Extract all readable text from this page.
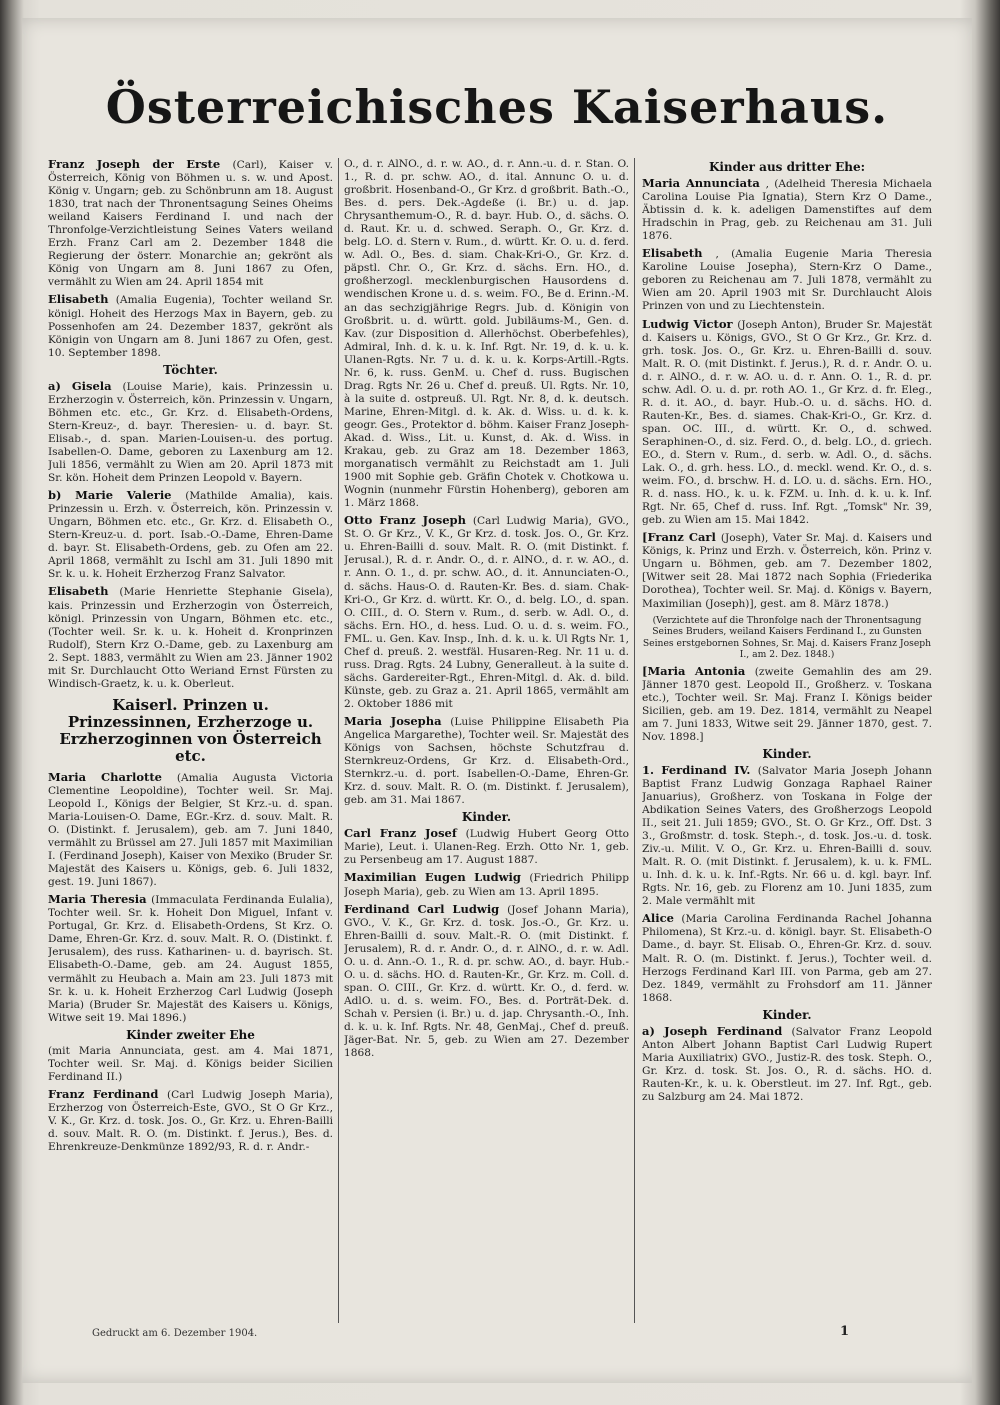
Österreichisches Kaiserhaus.

Franz Joseph der Erste (Carl), Kaiser v. Österreich, König von Böhmen u. s. w. und Apost. König v. Ungarn; geb. zu Schönbrunn am 18. August 1830, trat nach der Thronentsagung Seines Oheims weiland Kaisers Ferdinand I. und nach der Thronfolge-Verzichtleistung Seines Vaters weiland Erzh. Franz Carl am 2. Dezember 1848 die Regierung der österr. Monarchie an; gekrönt als König von Ungarn am 8. Juni 1867 zu Ofen, vermählt zu Wien am 24. April 1854 mit

Elisabeth (Amalia Eugenia), Tochter weiland Sr. königl. Hoheit des Herzogs Max in Bayern, geb. zu Possenhofen am 24. Dezember 1837, gekrönt als Königin von Ungarn am 8. Juni 1867 zu Ofen, gest. 10. September 1898.

Töchter.

a) Gisela (Louise Marie), kais. Prinzessin u. Erzherzogin v. Österreich, kön. Prinzessin v. Ungarn, Böhmen etc. etc., Gr. Krz. d. Elisabeth-Ordens, Stern-Kreuz-, d. bayr. Theresien- u. d. bayr. St. Elisab.-, d. span. Marien-Louisen-u. des portug. Isabellen-O. Dame, geboren zu Laxenburg am 12. Juli 1856, vermählt zu Wien am 20. April 1873 mit Sr. kön. Hoheit dem Prinzen Leopold v. Bayern.

b) Marie Valerie (Mathilde Amalia), kais. Prinzessin u. Erzh. v. Österreich, kön. Prinzessin v. Ungarn, Böhmen etc. etc., Gr. Krz. d. Elisabeth O., Stern-Kreuz-u. d. port. Isab.-O.-Dame, Ehren-Dame d. bayr. St. Elisabeth-Ordens, geb. zu Ofen am 22. April 1868, vermählt zu Ischl am 31. Juli 1890 mit Sr. k. u. k. Hoheit Erzherzog Franz Salvator.

Elisabeth (Marie Henriette Stephanie Gisela), kais. Prinzessin und Erzherzogin von Österreich, königl. Prinzessin von Ungarn, Böhmen etc. etc., (Tochter weil. Sr. k. u. k. Hoheit d. Kronprinzen Rudolf), Stern Krz O.-Dame, geb. zu Laxenburg am 2. Sept. 1883, vermählt zu Wien am 23. Jänner 1902 mit Sr. Durchlaucht Otto Weriand Ernst Fürsten zu Windisch-Graetz, k. u. k. Oberleut.

Kaiserl. Prinzen u. Prinzessinnen, Erzherzoge u. Erzherzoginnen von Österreich etc.

Maria Charlotte (Amalia Augusta Victoria Clementine Leopoldine), Tochter weil. Sr. Maj. Leopold I., Königs der Belgier, St Krz.-u. d. span. Maria-Louisen-O. Dame, EGr.-Krz. d. souv. Malt. R. O. (Distinkt. f. Jerusalem), geb. am 7. Juni 1840, vermählt zu Brüssel am 27. Juli 1857 mit Maximilian I. (Ferdinand Joseph), Kaiser von Mexiko (Bruder Sr. Majestät des Kaisers u. Königs, geb. 6. Juli 1832, gest. 19. Juni 1867).

Maria Theresia (Immaculata Ferdinanda Eulalia), Tochter weil. Sr. k. Hoheit Don Miguel, Infant v. Portugal, Gr. Krz. d. Elisabeth-Ordens, St Krz. O. Dame, Ehren-Gr. Krz. d. souv. Malt. R. O. (Distinkt. f. Jerusalem), des russ. Katharinen- u. d. bayrisch. St. Elisabeth-O.-Dame, geb. am 24. August 1855, vermählt zu Heubach a. Main am 23. Juli 1873 mit Sr. k. u. k. Hoheit Erzherzog Carl Ludwig (Joseph Maria) (Bruder Sr. Majestät des Kaisers u. Königs, Witwe seit 19. Mai 1896.)

Kinder zweiter Ehe

(mit Maria Annunciata, gest. am 4. Mai 1871, Tochter weil. Sr. Maj. d. Königs beider Sicilien Ferdinand II.)

Franz Ferdinand (Carl Ludwig Joseph Maria), Erzherzog von Österreich-Este, GVO., St O Gr Krz., V. K., Gr. Krz. d. tosk. Jos. O., Gr. Krz. u. Ehren-Bailli d. souv. Malt. R. O. (m. Distinkt. f. Jerus.), Bes. d. Ehrenkreuze-Denkmünze 1892/93, R. d. r. Andr.-

O., d. r. AlNO., d. r. w. AO., d. r. Ann.-u. d. r. Stan. O. 1., R. d. pr. schw. AO., d. ital. Annunc O. u. d. großbrit. Hosenband-O., Gr Krz. d großbrit. Bath.-O., Bes. d. pers. Dek.-Agdeße (i. Br.) u. d. jap. Chrysanthemum-O., R. d. bayr. Hub. O., d. sächs. O. d. Raut. Kr. u. d. schwed. Seraph. O., Gr. Krz. d. belg. LO. d. Stern v. Rum., d. württ. Kr. O. u. d. ferd. w. Adl. O., Bes. d. siam. Chak-Kri-O., Gr. Krz. d. päpstl. Chr. O., Gr. Krz. d. sächs. Ern. HO., d. großherzogl. mecklenburgischen Hausordens d. wendischen Krone u. d. s. weim. FO., Be d. Erinn.-M. an das sechzigjährige Regrs. Jub. d. Königin von Großbrit. u. d. württ. gold. Jubiläums-M., Gen. d. Kav. (zur Disposition d. Allerhöchst. Oberbefehles), Admiral, Inh. d. k. u. k. Inf. Rgt. Nr. 19, d. k. u. k. Ulanen-Rgts. Nr. 7 u. d. k. u. k. Korps-Artill.-Rgts. Nr. 6, k. russ. GenM. u. Chef d. russ. Bugischen Drag. Rgts Nr. 26 u. Chef d. preuß. Ul. Rgts. Nr. 10, à la suite d. ostpreuß. Ul. Rgt. Nr. 8, d. k. deutsch. Marine, Ehren-Mitgl. d. k. Ak. d. Wiss. u. d. k. k. geogr. Ges., Protektor d. böhm. Kaiser Franz Joseph-Akad. d. Wiss., Lit. u. Kunst, d. Ak. d. Wiss. in Krakau, geb. zu Graz am 18. Dezember 1863, morganatisch vermählt zu Reichstadt am 1. Juli 1900 mit Sophie geb. Gräfin Chotek v. Chotkowa u. Wognin (nunmehr Fürstin Hohenberg), geboren am 1. März 1868.

Otto Franz Joseph (Carl Ludwig Maria), GVO., St. O. Gr Krz., V. K., Gr Krz. d. tosk. Jos. O., Gr. Krz. u. Ehren-Bailli d. souv. Malt. R. O. (mit Distinkt. f. Jerusal.), R. d. r. Andr. O., d. r. AlNO., d. r. w. AO., d. r. Ann. O. 1., d. pr. schw. AO., d. it. Annunciaten-O., d. sächs. Haus-O. d. Rauten-Kr. Bes. d. siam. Chak-Kri-O., Gr Krz. d. württ. Kr. O., d. belg. LO., d. span. O. CIII., d. O. Stern v. Rum., d. serb. w. Adl. O., d. sächs. Ern. HO., d. hess. Lud. O. u. d. s. weim. FO., FML. u. Gen. Kav. Insp., Inh. d. k. u. k. Ul Rgts Nr. 1, Chef d. preuß. 2. westfäl. Husaren-Reg. Nr. 11 u. d. russ. Drag. Rgts. 24 Lubny, Generalleut. à la suite d. sächs. Gardereiter-Rgt., Ehren-Mitgl. d. Ak. d. bild. Künste, geb. zu Graz a. 21. April 1865, vermählt am 2. Oktober 1886 mit

Maria Josepha (Luise Philippine Elisabeth Pia Angelica Margarethe), Tochter weil. Sr. Majestät des Königs von Sachsen, höchste Schutzfrau d. Sternkreuz-Ordens, Gr Krz. d. Elisabeth-Ord., Sternkrz.-u. d. port. Isabellen-O.-Dame, Ehren-Gr. Krz. d. souv. Malt. R. O. (m. Distinkt. f. Jerusalem), geb. am 31. Mai 1867.

Kinder.

Carl Franz Josef (Ludwig Hubert Georg Otto Marie), Leut. i. Ulanen-Reg. Erzh. Otto Nr. 1, geb. zu Persenbeug am 17. August 1887.

Maximilian Eugen Ludwig (Friedrich Philipp Joseph Maria), geb. zu Wien am 13. April 1895.

Ferdinand Carl Ludwig (Josef Johann Maria), GVO., V. K., Gr. Krz. d. tosk. Jos.-O., Gr. Krz. u. Ehren-Bailli d. souv. Malt.-R. O. (mit Distinkt. f. Jerusalem), R. d. r. Andr. O., d. r. AlNO., d. r. w. Adl. O. u. d. Ann.-O. 1., R. d. pr. schw. AO., d. bayr. Hub.-O. u. d. sächs. HO. d. Rauten-Kr., Gr. Krz. m. Coll. d. span. O. CIII., Gr. Krz. d. württ. Kr. O., d. ferd. w. AdlO. u. d. s. weim. FO., Bes. d. Porträt-Dek. d. Schah v. Persien (i. Br.) u. d. jap. Chrysanth.-O., Inh. d. k. u. k. Inf. Rgts. Nr. 48, GenMaj., Chef d. preuß. Jäger-Bat. Nr. 5, geb. zu Wien am 27. Dezember 1868.

Kinder aus dritter Ehe:

Maria Annunciata , (Adelheid Theresia Michaela Carolina Louise Pia Ignatia), Stern Krz O Dame., Äbtissin d. k. k. adeligen Damenstiftes auf dem Hradschin in Prag, geb. zu Reichenau am 31. Juli 1876.

Elisabeth , (Amalia Eugenie Maria Theresia Karoline Louise Josepha), Stern-Krz O Dame., geboren zu Reichenau am 7. Juli 1878, vermählt zu Wien am 20. April 1903 mit Sr. Durchlaucht Alois Prinzen von und zu Liechtenstein.

Ludwig Victor (Joseph Anton), Bruder Sr. Majestät d. Kaisers u. Königs, GVO., St O Gr Krz., Gr. Krz. d. grh. tosk. Jos. O., Gr. Krz. u. Ehren-Bailli d. souv. Malt. R. O. (mit Distinkt. f. Jerus.), R. d. r. Andr. O. u. d. r. AlNO., d. r. w. AO. u. d. r. Ann. O. 1., R. d. pr. schw. Adl. O. u. d. pr. roth AO. 1., Gr Krz. d. fr. Eleg., R. d. it. AO., d. bayr. Hub.-O. u. d. sächs. HO. d. Rauten-Kr., Bes. d. siames. Chak-Kri-O., Gr. Krz. d. span. OC. III., d. württ. Kr. O., d. schwed. Seraphinen-O., d. siz. Ferd. O., d. belg. LO., d. griech. EO., d. Stern v. Rum., d. serb. w. Adl. O., d. sächs. Lak. O., d. grh. hess. LO., d. meckl. wend. Kr. O., d. s. weim. FO., d. brschw. H. d. LO. u. d. sächs. Ern. HO., R. d. nass. HO., k. u. k. FZM. u. Inh. d. k. u. k. Inf. Rgt. Nr. 65, Chef d. russ. Inf. Rgt. „Tomsk" Nr. 39, geb. zu Wien am 15. Mai 1842.

[Franz Carl (Joseph), Vater Sr. Maj. d. Kaisers und Königs, k. Prinz und Erzh. v. Österreich, kön. Prinz v. Ungarn u. Böhmen, geb. am 7. Dezember 1802, [Witwer seit 28. Mai 1872 nach Sophia (Friederika Dorothea), Tochter weil. Sr. Maj. d. Königs v. Bayern, Maximilian (Joseph)], gest. am 8. März 1878.)

(Verzichtete auf die Thronfolge nach der Thronentsagung Seines Bruders, weiland Kaisers Ferdinand I., zu Gunsten Seines erstgebornen Sohnes, Sr. Maj. d. Kaisers Franz Joseph I., am 2. Dez. 1848.)

[Maria Antonia (zweite Gemahlin des am 29. Jänner 1870 gest. Leopold II., Großherz. v. Toskana etc.), Tochter weil. Sr. Maj. Franz I. Königs beider Sicilien, geb. am 19. Dez. 1814, vermählt zu Neapel am 7. Juni 1833, Witwe seit 29. Jänner 1870, gest. 7. Nov. 1898.]

Kinder.

1. Ferdinand IV. (Salvator Maria Joseph Johann Baptist Franz Ludwig Gonzaga Raphael Rainer Januarius), Großherz. von Toskana in Folge der Abdikation Seines Vaters, des Großherzogs Leopold II., seit 21. Juli 1859; GVO., St. O. Gr Krz., Off. Dst. 3 3., Großmstr. d. tosk. Steph.-, d. tosk. Jos.-u. d. tosk. Ziv.-u. Milit. V. O., Gr. Krz. u. Ehren-Bailli d. souv. Malt. R. O. (mit Distinkt. f. Jerusalem), k. u. k. FML. u. Inh. d. k. u. k. Inf.-Rgts. Nr. 66 u. d. kgl. bayr. Inf. Rgts. Nr. 16, geb. zu Florenz am 10. Juni 1835, zum 2. Male vermählt mit

Alice (Maria Carolina Ferdinanda Rachel Johanna Philomena), St Krz.-u. d. königl. bayr. St. Elisabeth-O Dame., d. bayr. St. Elisab. O., Ehren-Gr. Krz. d. souv. Malt. R. O. (m. Distinkt. f. Jerus.), Tochter weil. d. Herzogs Ferdinand Karl III. von Parma, geb am 27. Dez. 1849, vermählt zu Frohsdorf am 11. Jänner 1868.

Kinder.

a) Joseph Ferdinand (Salvator Franz Leopold Anton Albert Johann Baptist Carl Ludwig Rupert Maria Auxiliatrix) GVO., Justiz-R. des tosk. Steph. O., Gr. Krz. d. tosk. St. Jos. O., R. d. sächs. HO. d. Rauten-Kr., k. u. k. Oberstleut. im 27. Inf. Rgt., geb. zu Salzburg am 24. Mai 1872.

Gedruckt am 6. Dezember 1904.	1
